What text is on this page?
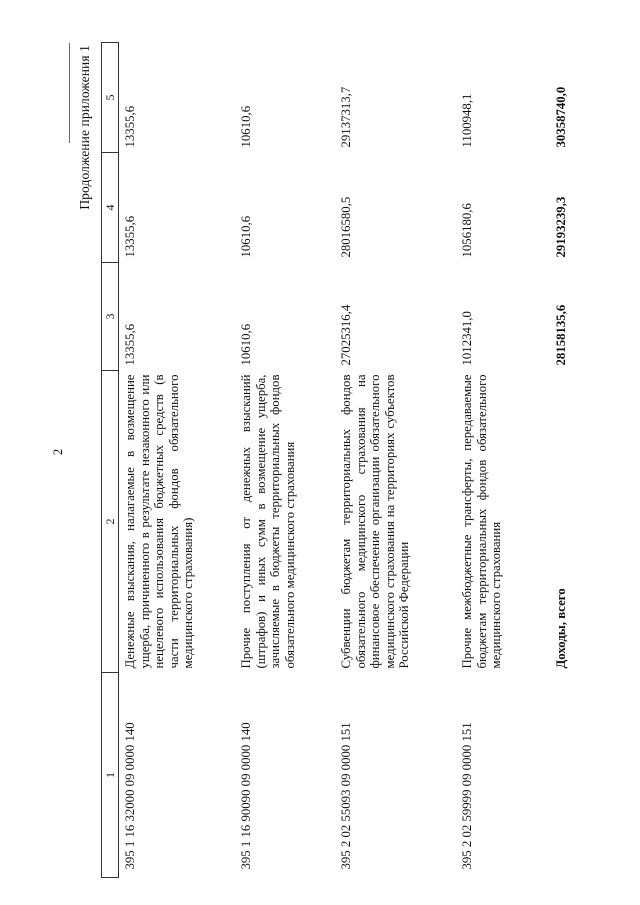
2
Продолжение приложения 1
1	2	3	4	5
395 1 16 32000 09 0000 140	Денежные взыскания, налагаемые в возмещение ущерба, причиненного в результате незаконного или нецелевого использования бюджетных средств (в части территориальных фондов обязательного медицинского страхования)	13355,6	13355,6	13355,6
395 1 16 90090 09 0000 140	Прочие поступления от денежных взысканий (штрафов) и иных сумм в возмещение ущерба, зачисляемые в бюджеты территориальных фондов обязательного медицинского страхования	10610,6	10610,6	10610,6
395 2 02 55093 09 0000 151	Субвенции бюджетам территориальных фондов обязательного медицинского страхования на финансовое обеспечение организации обязательного медицинского страхования на территориях субъектов Российской Федерации	27025316,4	28016580,5	29137313,7
395 2 02 59999 09 0000 151	Прочие межбюджетные трансферты, передаваемые бюджетам территориальных фондов обязательного медицинского страхования	1012341,0	1056180,6	1100948,1
	Доходы, всего	28158135,6	29193239,3	30358740,0
